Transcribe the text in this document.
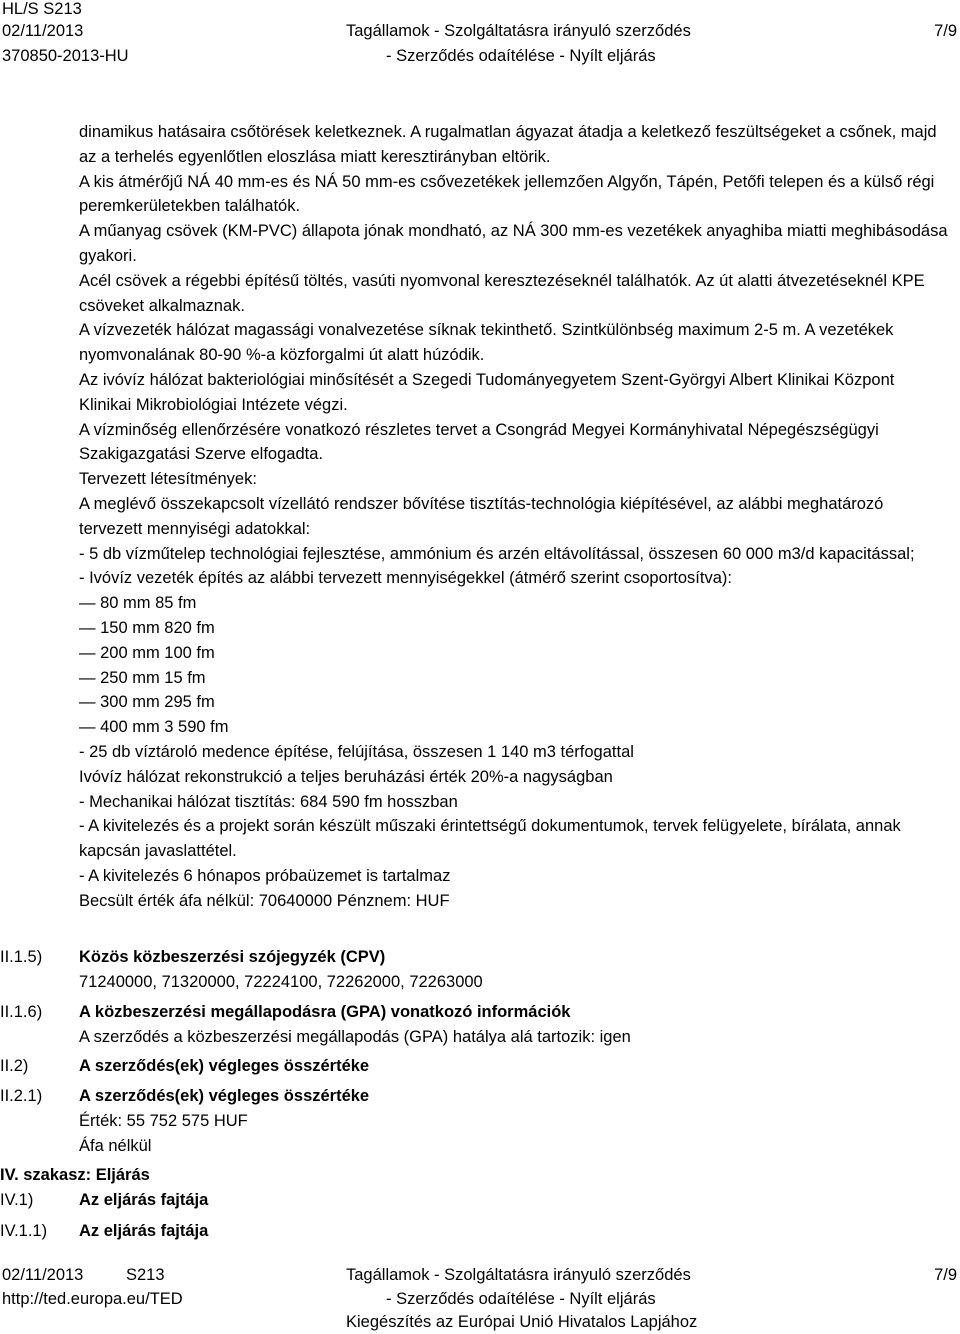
HL/S S213
02/11/2013
370850-2013-HU
Tagállamok - Szolgáltatásra irányuló szerződés
- Szerződés odaítélése - Nyílt eljárás
7/9

dinamikus hatásaira csőtörések keletkeznek. A rugalmatlan ágyazat átadja a keletkező feszültségeket a csőnek, majd az a terhelés egyenlőtlen eloszlása miatt keresztirányban eltörik.

A kis átmérőjű NÁ 40 mm-es és NÁ 50 mm-es csővezetékek jellemzően Algyőn, Tápén, Petőfi telepen és a külső régi peremkerületekben találhatók.

A műanyag csövek (KM-PVC) állapota jónak mondható, az NÁ 300 mm-es vezetékek anyaghiba miatti meghibásodása gyakori.

Acél csövek a régebbi építésű töltés, vasúti nyomvonal keresztezéseknél találhatók. Az út alatti átvezetéseknél KPE csöveket alkalmaznak.

A vízvezeték hálózat magassági vonalvezetése síknak tekinthető. Szintkülönbség maximum 2-5 m. A vezetékek nyomvonalának 80-90 %-a közforgalmi út alatt húzódik.

Az ivóvíz hálózat bakteriológiai minősítését a Szegedi Tudományegyetem Szent-Györgyi Albert Klinikai Központ Klinikai Mikrobiológiai Intézete végzi.

A vízminőség ellenőrzésére vonatkozó részletes tervet a Csongrád Megyei Kormányhivatal Népegészségügyi Szakigazgatási Szerve elfogadta.

Tervezett létesítmények:

A meglévő összekapcsolt vízellátó rendszer bővítése tisztítás-technológia kiépítésével, az alábbi meghatározó tervezett mennyiségi adatokkal:

- 5 db vízműtelep technológiai fejlesztése, ammónium és arzén eltávolítással, összesen 60 000 m3/d kapacitással;

- Ivóvíz vezeték építés az alábbi tervezett mennyiségekkel (átmérő szerint csoportosítva):

— 80 mm 85 fm

— 150 mm 820 fm

— 200 mm 100 fm

— 250 mm 15 fm

— 300 mm 295 fm

— 400 mm 3 590 fm

- 25 db víztároló medence építése, felújítása, összesen 1 140 m3 térfogattal

Ivóvíz hálózat rekonstrukció a teljes beruházási érték 20%-a nagyságban

- Mechanikai hálózat tisztítás: 684 590 fm hosszban

- A kivitelezés és a projekt során készült műszaki érintettségű dokumentumok, tervek felügyelete, bírálata, annak kapcsán javaslattétel.

- A kivitelezés 6 hónapos próbaüzemet is tartalmaz

Becsült érték áfa nélkül: 70640000 Pénznem: HUF

II.1.5) Közös közbeszerzési szójegyzék (CPV)
71240000, 71320000, 72224100, 72262000, 72263000
II.1.6) A közbeszerzési megállapodásra (GPA) vonatkozó információk
A szerződés a közbeszerzési megállapodás (GPA) hatálya alá tartozik: igen
II.2)	A szerződés(ek) végleges összértéke
II.2.1) A szerződés(ek) végleges összértéke
Érték: 55 752 575 HUF
Áfa nélkül
IV. szakasz: Eljárás
IV.1)	Az eljárás fajtája
IV.1.1) Az eljárás fajtája
02/11/2013	S213	Tagállamok - Szolgáltatásra irányuló szerződés	7/9
http://ted.europa.eu/TED	- Szerződés odaítélése - Nyílt eljárás
Kiegészítés az Európai Unió Hivatalos Lapjához
